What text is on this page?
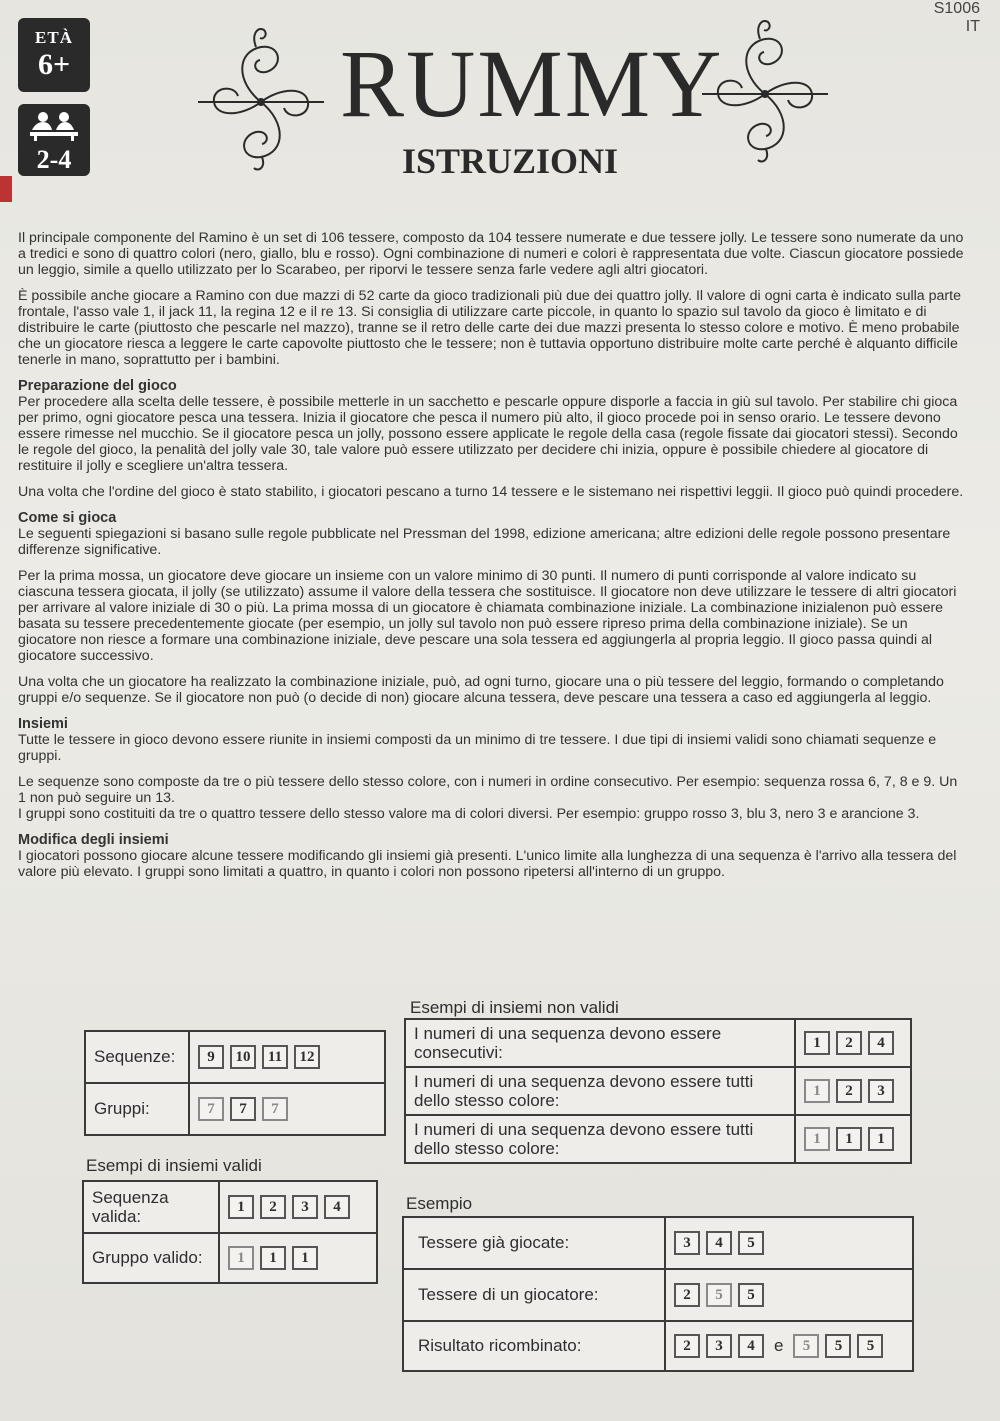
S1006
IT
ETÀ
6+
2-4
RUMMY
ISTRUZIONI

Il principale componente del Ramino è un set di 106 tessere, composto da 104 tessere numerate e due tessere jolly. Le tessere sono numerate da uno a tredici e sono di quattro colori (nero, giallo, blu e rosso). Ogni combinazione di numeri e colori è rappresentata due volte. Ciascun giocatore possiede un leggio, simile a quello utilizzato per lo Scarabeo, per riporvi le tessere senza farle vedere agli altri giocatori.

È possibile anche giocare a Ramino con due mazzi di 52 carte da gioco tradizionali più due dei quattro jolly. Il valore di ogni carta è indicato sulla parte frontale, l'asso vale 1, il jack 11, la regina 12 e il re 13. Si consiglia di utilizzare carte piccole, in quanto lo spazio sul tavolo da gioco è limitato e di distribuire le carte (piuttosto che pescarle nel mazzo), tranne se il retro delle carte dei due mazzi presenta lo stesso colore e motivo. È meno probabile che un giocatore riesca a leggere le carte capovolte piuttosto che le tessere; non è tuttavia opportuno distribuire molte carte perché è alquanto difficile tenerle in mano, soprattutto per i bambini.

Preparazione del gioco

Per procedere alla scelta delle tessere, è possibile metterle in un sacchetto e pescarle oppure disporle a faccia in giù sul tavolo. Per stabilire chi gioca per primo, ogni giocatore pesca una tessera. Inizia il giocatore che pesca il numero più alto, il gioco procede poi in senso orario. Le tessere devono essere rimesse nel mucchio. Se il giocatore pesca un jolly, possono essere applicate le regole della casa (regole fissate dai giocatori stessi). Secondo le regole del gioco, la penalità del jolly vale 30, tale valore può essere utilizzato per decidere chi inizia, oppure è possibile chiedere al giocatore di restituire il jolly e scegliere un'altra tessera.

Una volta che l'ordine del gioco è stato stabilito, i giocatori pescano a turno 14 tessere e le sistemano nei rispettivi leggii. Il gioco può quindi procedere.

Come si gioca

Le seguenti spiegazioni si basano sulle regole pubblicate nel Pressman del 1998, edizione americana; altre edizioni delle regole possono presentare differenze significative.

Per la prima mossa, un giocatore deve giocare un insieme con un valore minimo di 30 punti. Il numero di punti corrisponde al valore indicato su ciascuna tessera giocata, il jolly (se utilizzato) assume il valore della tessera che sostituisce. Il giocatore non deve utilizzare le tessere di altri giocatori per arrivare al valore iniziale di 30 o più. La prima mossa di un giocatore è chiamata combinazione iniziale. La combinazione inizialenon può essere basata su tessere precedentemente giocate (per esempio, un jolly sul tavolo non può essere ripreso prima della combinazione iniziale). Se un giocatore non riesce a formare una combinazione iniziale, deve pescare una sola tessera ed aggiungerla al propria leggio. Il gioco passa quindi al giocatore successivo.

Una volta che un giocatore ha realizzato la combinazione iniziale, può, ad ogni turno, giocare una o più tessere del leggio, formando o completando gruppi e/o sequenze. Se il giocatore non può (o decide di non) giocare alcuna tessera, deve pescare una tessera a caso ed aggiungerla al leggio.

Insiemi

Tutte le tessere in gioco devono essere riunite in insiemi composti da un minimo di tre tessere. I due tipi di insiemi validi sono chiamati sequenze e gruppi.

Le sequenze sono composte da tre o più tessere dello stesso colore, con i numeri in ordine consecutivo. Per esempio: sequenza rossa 6, 7, 8 e 9. Un 1 non può seguire un 13.

I gruppi sono costituiti da tre o quattro tessere dello stesso valore ma di colori diversi. Per esempio: gruppo rosso 3, blu 3, nero 3 e arancione 3.

Modifica degli insiemi

I giocatori possono giocare alcune tessere modificando gli insiemi già presenti. L'unico limite alla lunghezza di una sequenza è l'arrivo alla tessera del valore più elevato. I gruppi sono limitati a quattro, in quanto i colori non possono ripetersi all'interno di un gruppo.

Sequenze:	9 10 11 12
Gruppi:	7 7 7
Esempi di insiemi validi
Sequenza valida:	1 2 3 4
Gruppo valido:	1 1 1
Esempi di insiemi non validi
I numeri di una sequenza devono essere consecutivi:	1 2 4
I numeri di una sequenza devono essere tutti dello stesso colore:	1 2 3
I numeri di una sequenza devono essere tutti dello stesso colore:	1 1 1
Esempio
Tessere già giocate:	3 4 5
Tessere di un giocatore:	2 5 5
Risultato ricombinato:	2 3 4 e 5 5 5
